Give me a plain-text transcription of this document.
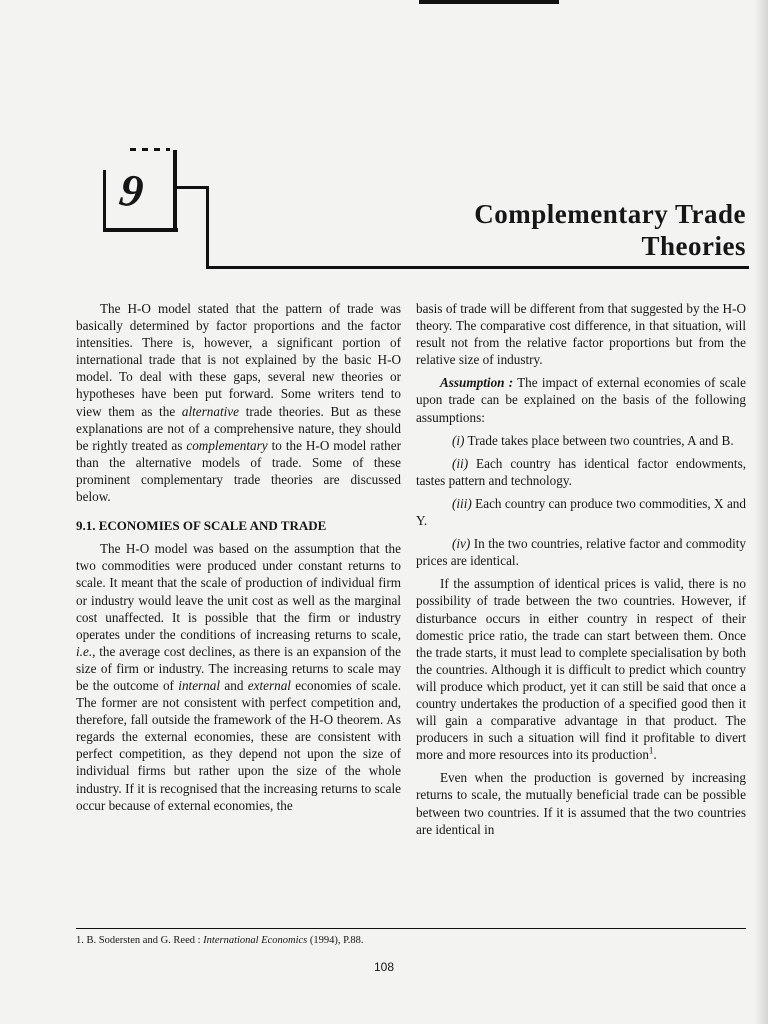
9	Complementary Trade
Theories

The H-O model stated that the pattern of trade was basically determined by factor proportions and the factor intensities. There is, however, a significant portion of international trade that is not explained by the basic H-O model. To deal with these gaps, several new theories or hypotheses have been put forward. Some writers tend to view them as the alternative trade theories. But as these explanations are not of a comprehensive nature, they should be rightly treated as complementary to the H-O model rather than the alternative models of trade. Some of these prominent complementary trade theories are discussed below.

9.1. ECONOMIES OF SCALE AND TRADE

The H-O model was based on the assumption that the two commodities were produced under constant returns to scale. It meant that the scale of production of individual firm or industry would leave the unit cost as well as the marginal cost unaffected. It is possible that the firm or industry operates under the conditions of increasing returns to scale, i.e., the average cost declines, as there is an expansion of the size of firm or industry. The increasing returns to scale may be the outcome of internal and external economies of scale. The former are not consistent with perfect competition and, therefore, fall outside the framework of the H-O theorem. As regards the external economies, these are consistent with perfect competition, as they depend not upon the size of individual firms but rather upon the size of the whole industry. If it is recognised that the increasing returns to scale occur because of external economies, the

basis of trade will be different from that suggested by the H-O theory. The comparative cost difference, in that situation, will result not from the relative factor proportions but from the relative size of industry.

Assumption : The impact of external economies of scale upon trade can be explained on the basis of the following assumptions:

(i) Trade takes place between two countries, A and B.

(ii) Each country has identical factor endowments, tastes pattern and technology.

(iii) Each country can produce two commodities, X and Y.

(iv) In the two countries, relative factor and commodity prices are identical.

If the assumption of identical prices is valid, there is no possibility of trade between the two countries. However, if disturbance occurs in either country in respect of their domestic price ratio, the trade can start between them. Once the trade starts, it must lead to complete specialisation by both the countries. Although it is difficult to predict which country will produce which product, yet it can still be said that once a country undertakes the production of a specified good then it will gain a comparative advantage in that product. The producers in such a situation will find it profitable to divert more and more resources into its production$^1$.

Even when the production is governed by increasing returns to scale, the mutually beneficial trade can be possible between two countries. If it is assumed that the two countries are identical in

1. B. Sodersten and G. Reed : International Economics (1994), P.88.
108
